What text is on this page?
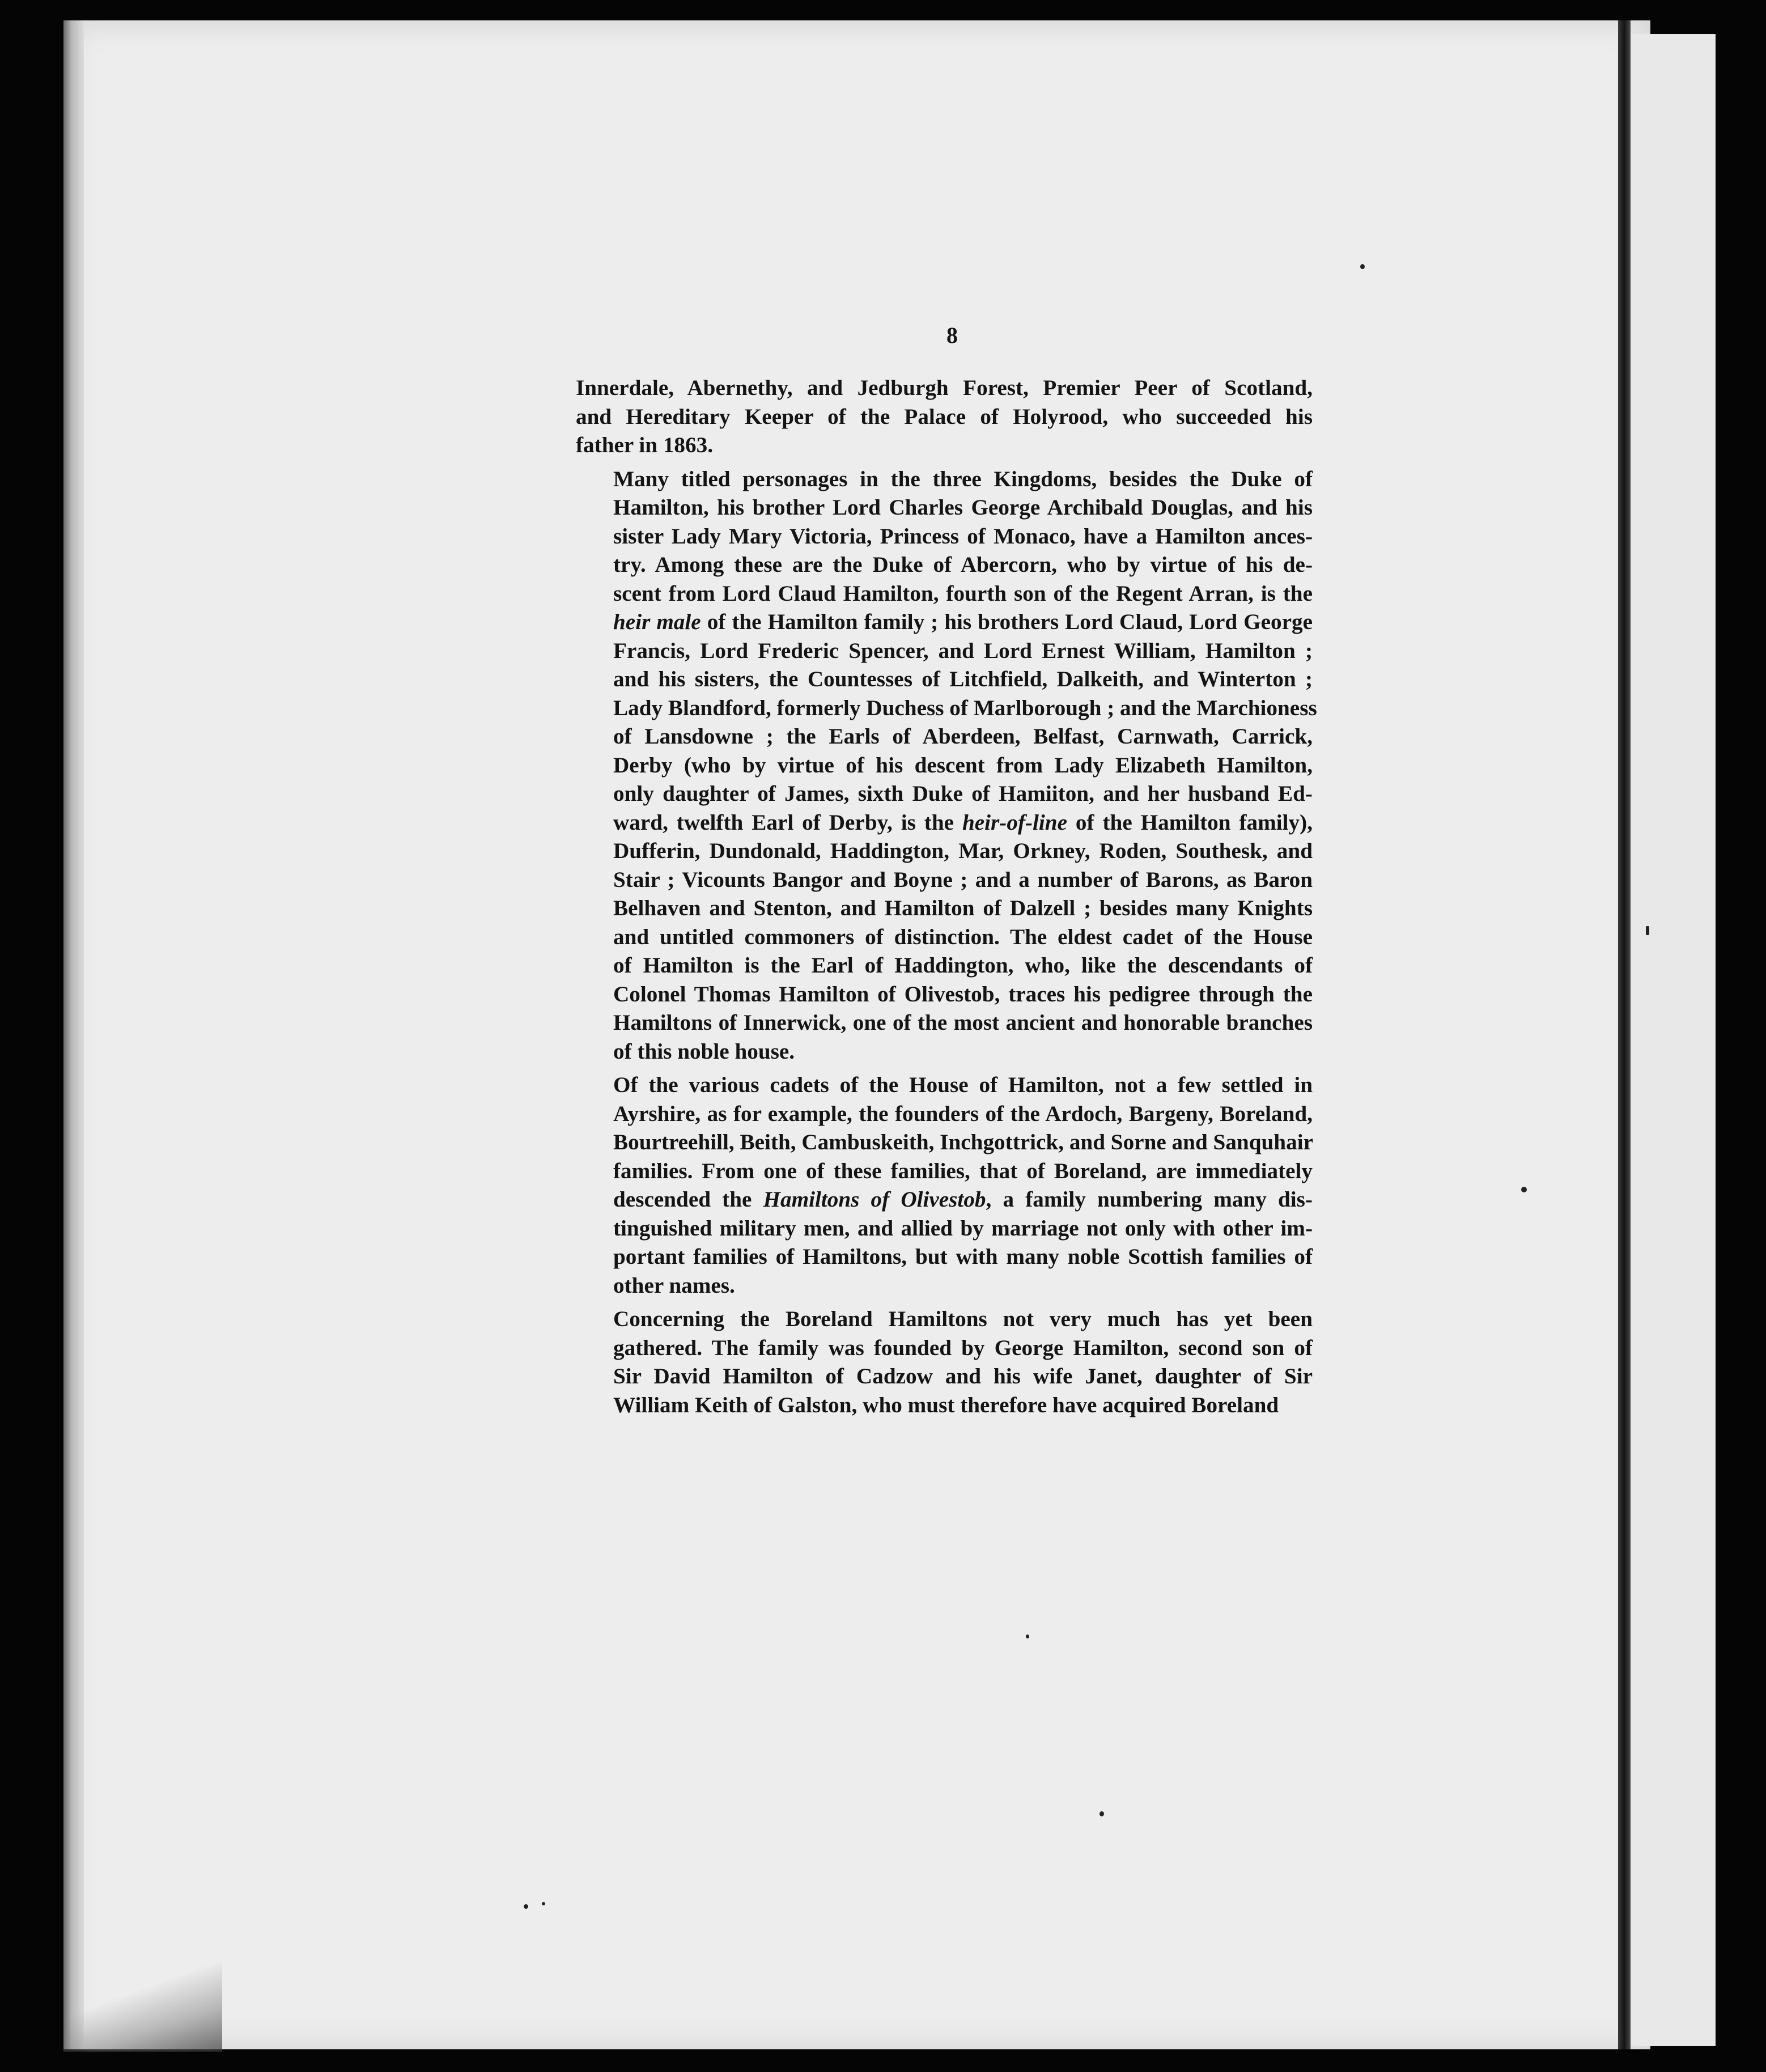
8

Innerdale, Abernethy, and Jedburgh Forest, Premier Peer of Scotland,
and Hereditary Keeper of the Palace of Holyrood, who succeeded his
father in 1863.

Many titled personages in the three Kingdoms, besides the Duke of
Hamilton, his brother Lord Charles George Archibald Douglas, and his
sister Lady Mary Victoria, Princess of Monaco, have a Hamilton ances-
try. Among these are the Duke of Abercorn, who by virtue of his de-
scent from Lord Claud Hamilton, fourth son of the Regent Arran, is the
heir male of the Hamilton family ; his brothers Lord Claud, Lord George
Francis, Lord Frederic Spencer, and Lord Ernest William, Hamilton ;
and his sisters, the Countesses of Litchfield, Dalkeith, and Winterton ;
Lady Blandford, formerly Duchess of Marlborough ; and the Marchioness
of Lansdowne ; the Earls of Aberdeen, Belfast, Carnwath, Carrick,
Derby (who by virtue of his descent from Lady Elizabeth Hamilton,
only daughter of James, sixth Duke of Hamiiton, and her husband Ed-
ward, twelfth Earl of Derby, is the heir-of-line of the Hamilton family),
Dufferin, Dundonald, Haddington, Mar, Orkney, Roden, Southesk, and
Stair ; Vicounts Bangor and Boyne ; and a number of Barons, as Baron
Belhaven and Stenton, and Hamilton of Dalzell ; besides many Knights
and untitled commoners of distinction. The eldest cadet of the House
of Hamilton is the Earl of Haddington, who, like the descendants of
Colonel Thomas Hamilton of Olivestob, traces his pedigree through the
Hamiltons of Innerwick, one of the most ancient and honorable branches
of this noble house.

Of the various cadets of the House of Hamilton, not a few settled in
Ayrshire, as for example, the founders of the Ardoch, Bargeny, Boreland,
Bourtreehill, Beith, Cambuskeith, Inchgottrick, and Sorne and Sanquhair
families. From one of these families, that of Boreland, are immediately
descended the Hamiltons of Olivestob, a family numbering many dis-
tinguished military men, and allied by marriage not only with other im-
portant families of Hamiltons, but with many noble Scottish families of
other names.

Concerning the Boreland Hamiltons not very much has yet been
gathered. The family was founded by George Hamilton, second son of
Sir David Hamilton of Cadzow and his wife Janet, daughter of Sir
William Keith of Galston, who must therefore have acquired Boreland
